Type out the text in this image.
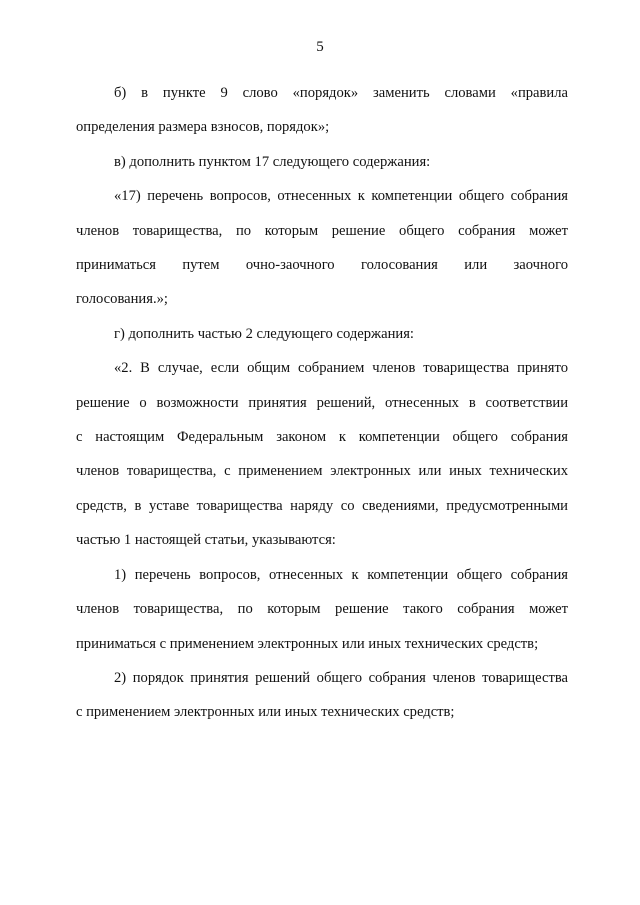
5

б) в пункте 9 слово «порядок» заменить словами «правила
определения размера взносов, порядок»;

в) дополнить пунктом 17 следующего содержания:

«17) перечень вопросов, отнесенных к компетенции общего собрания
членов товарищества, по которым решение общего собрания может
приниматься путем очно-заочного голосования или заочного
голосования.»;

г) дополнить частью 2 следующего содержания:

«2. В случае, если общим собранием членов товарищества принято
решение о возможности принятия решений, отнесенных в соответствии
с настоящим Федеральным законом к компетенции общего собрания
членов товарищества, с применением электронных или иных технических
средств, в уставе товарищества наряду со сведениями, предусмотренными
частью 1 настоящей статьи, указываются:

1) перечень вопросов, отнесенных к компетенции общего собрания
членов товарищества, по которым решение такого собрания может
приниматься с применением электронных или иных технических средств;

2) порядок принятия решений общего собрания членов товарищества
с применением электронных или иных технических средств;
